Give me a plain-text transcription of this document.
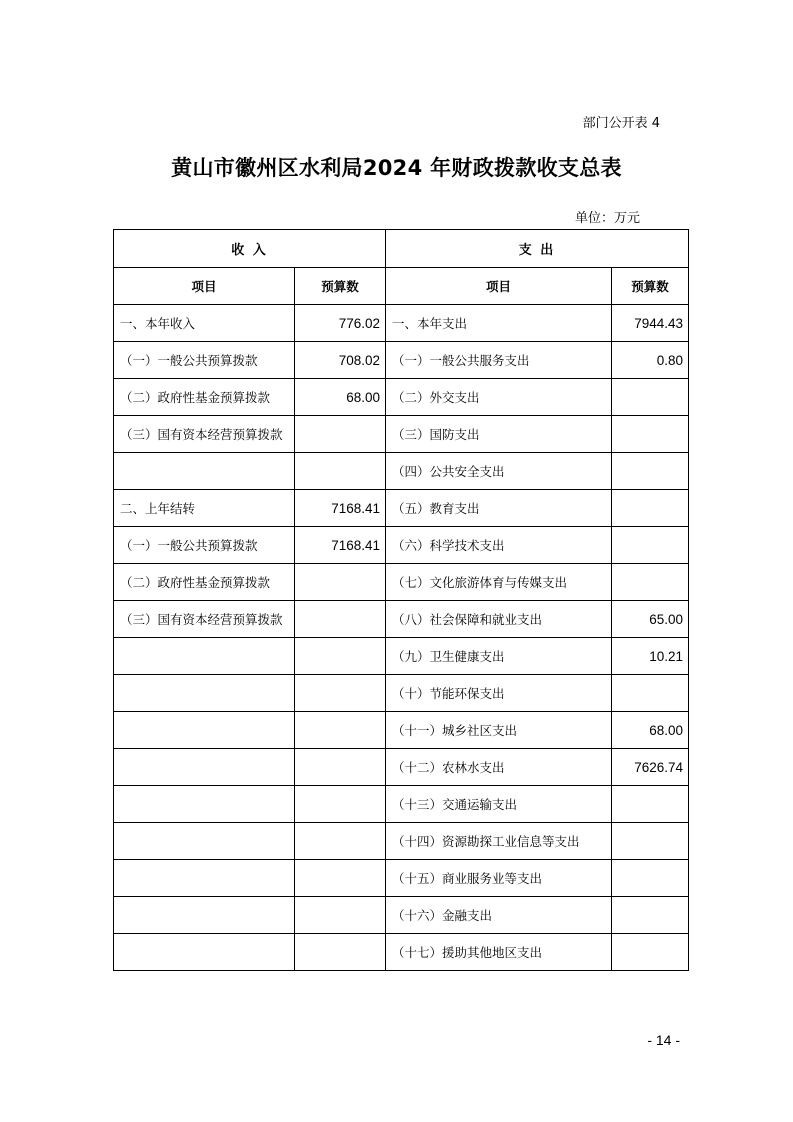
部门公开表 4
黄山市徽州区水利局2024 年财政拨款收支总表
单位：万元
收 入		支 出	
项目	预算数	项目	预算数
一、本年收入	776.02	一、本年支出	7944.43
（一）一般公共预算拨款	708.02	（一）一般公共服务支出	0.80
（二）政府性基金预算拨款	68.00	（二）外交支出	
（三）国有资本经营预算拨款		（三）国防支出	
		（四）公共安全支出	
二、上年结转	7168.41	（五）教育支出	
（一）一般公共预算拨款	7168.41	（六）科学技术支出	
（二）政府性基金预算拨款		（七）文化旅游体育与传媒支出	
（三）国有资本经营预算拨款		（八）社会保障和就业支出	65.00
		（九）卫生健康支出	10.21
		（十）节能环保支出	
		（十一）城乡社区支出	68.00
		（十二）农林水支出	7626.74
		（十三）交通运输支出	
		（十四）资源勘探工业信息等支出	
		（十五）商业服务业等支出	
		（十六）金融支出	
		（十七）援助其他地区支出	
- 14 -
